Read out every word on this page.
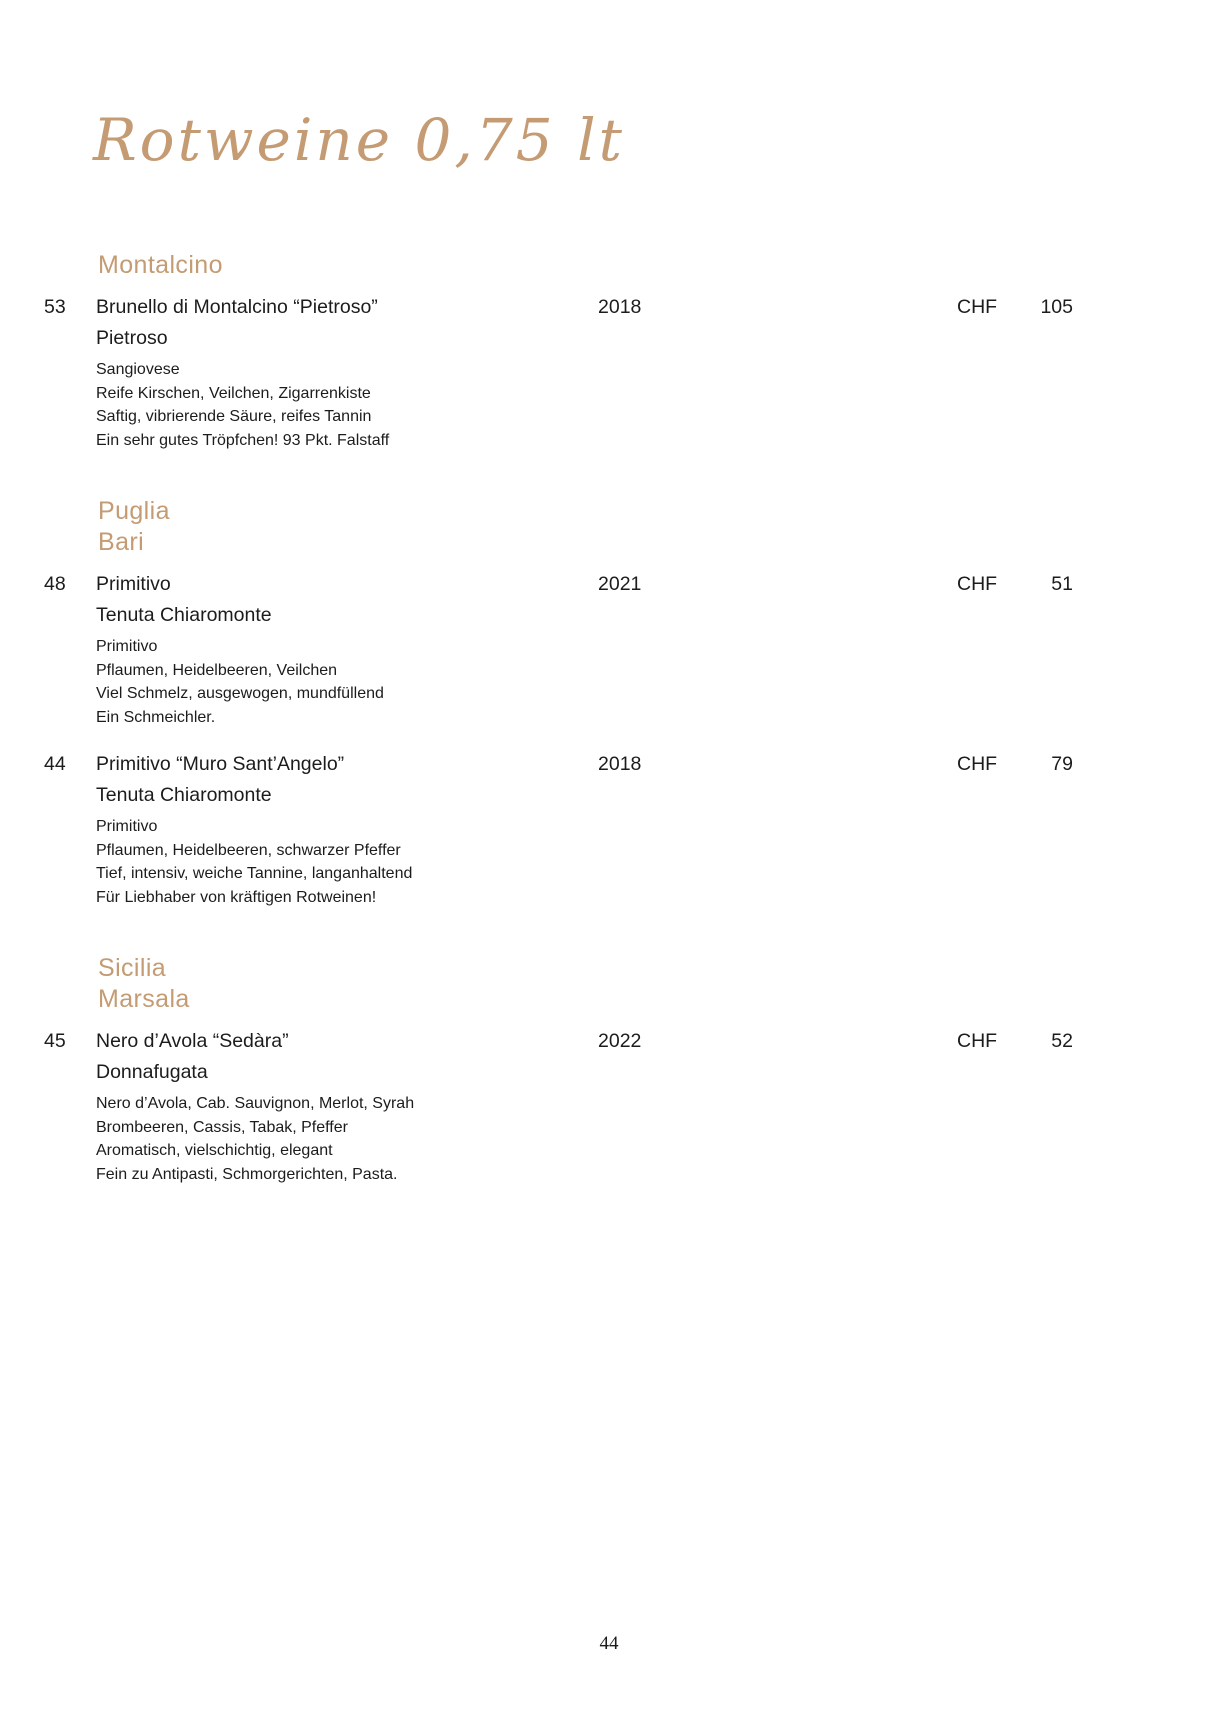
Rotweine 0,75 lt
Montalcino
53	Brunello di Montalcino “Pietroso”	2018	CHF 105
Pietroso
Sangiovese
Reife Kirschen, Veilchen, Zigarrenkiste
Saftig, vibrierende Säure, reifes Tannin
Ein sehr gutes Tröpfchen! 93 Pkt. Falstaff
Puglia
Bari
48	Primitivo	2021	CHF	51
Tenuta Chiaromonte
Primitivo
Pflaumen, Heidelbeeren, Veilchen
Viel Schmelz, ausgewogen, mundfüllend
Ein Schmeichler.
44	Primitivo “Muro Sant’Angelo”	2018	CHF	79
Tenuta Chiaromonte
Primitivo
Pflaumen, Heidelbeeren, schwarzer Pfeffer
Tief, intensiv, weiche Tannine, langanhaltend
Für Liebhaber von kräftigen Rotweinen!
Sicilia
Marsala
45	Nero d’Avola “Sedàra”	2022	CHF	52
Donnafugata
Nero d’Avola, Cab. Sauvignon, Merlot, Syrah
Brombeeren, Cassis, Tabak, Pfeffer
Aromatisch, vielschichtig, elegant
Fein zu Antipasti, Schmorgerichten, Pasta.
44
